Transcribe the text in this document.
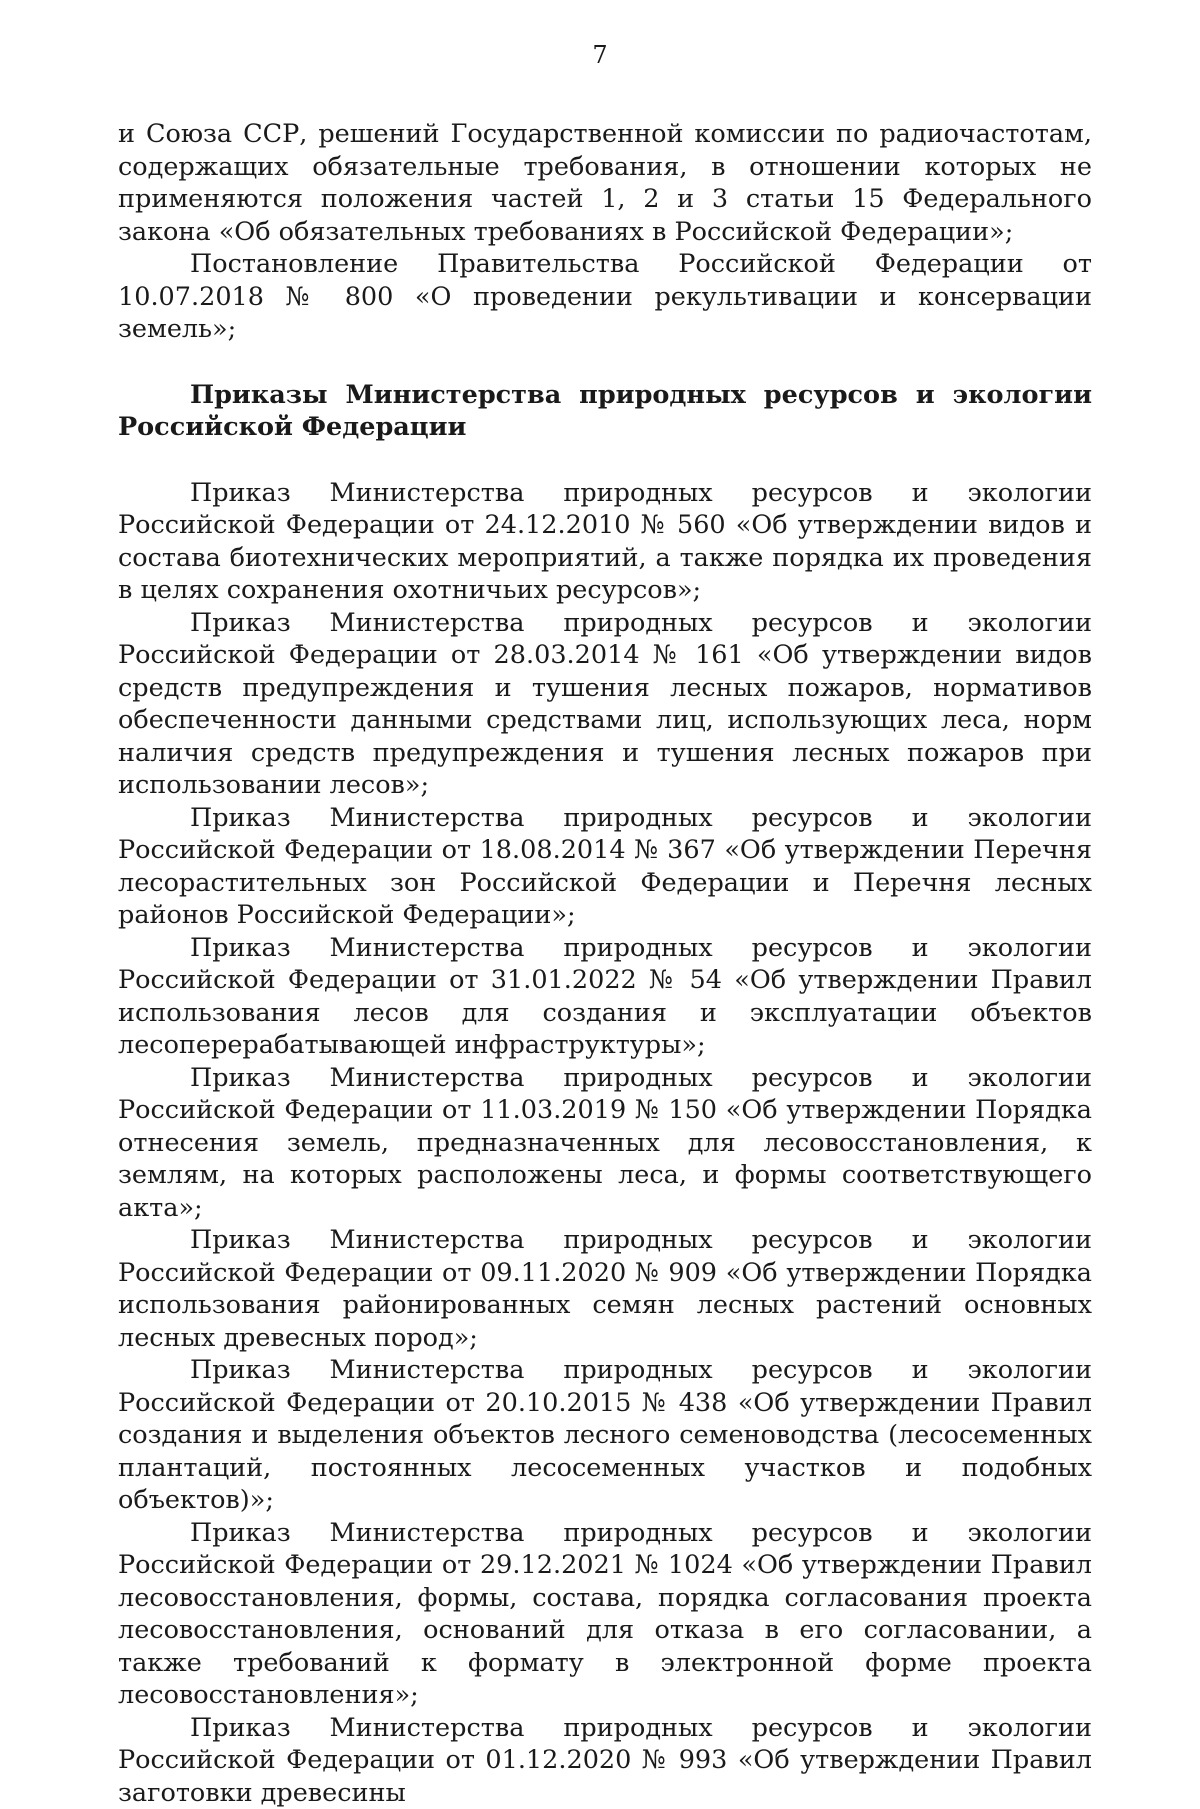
7

и Союза ССР, решений Государственной комиссии по радиочастотам, содержащих обязательные требования, в отношении которых не применяются положения частей 1, 2 и 3 статьи 15 Федерального закона «Об обязательных требованиях в Российской Федерации»;

Постановление Правительства Российской Федерации от 10.07.2018 № 800 «О проведении рекультивации и консервации земель»;

Приказы Министерства природных ресурсов и экологии Российской Федерации

Приказ Министерства природных ресурсов и экологии Российской Федерации от 24.12.2010 № 560 «Об утверждении видов и состава биотехнических мероприятий, а также порядка их проведения в целях сохранения охотничьих ресурсов»;

Приказ Министерства природных ресурсов и экологии Российской Федерации от 28.03.2014 № 161 «Об утверждении видов средств предупреждения и тушения лесных пожаров, нормативов обеспеченности данными средствами лиц, использующих леса, норм наличия средств предупреждения и тушения лесных пожаров при использовании лесов»;

Приказ Министерства природных ресурсов и экологии Российской Федерации от 18.08.2014 № 367 «Об утверждении Перечня лесорастительных зон Российской Федерации и Перечня лесных районов Российской Федерации»;

Приказ Министерства природных ресурсов и экологии Российской Федерации от 31.01.2022 № 54 «Об утверждении Правил использования лесов для создания и эксплуатации объектов лесоперерабатывающей инфраструктуры»;

Приказ Министерства природных ресурсов и экологии Российской Федерации от 11.03.2019 № 150 «Об утверждении Порядка отнесения земель, предназначенных для лесовосстановления, к землям, на которых расположены леса, и формы соответствующего акта»;

Приказ Министерства природных ресурсов и экологии Российской Федерации от 09.11.2020 № 909 «Об утверждении Порядка использования районированных семян лесных растений основных лесных древесных пород»;

Приказ Министерства природных ресурсов и экологии Российской Федерации от 20.10.2015 № 438 «Об утверждении Правил создания и выделения объектов лесного семеноводства (лесосеменных плантаций, постоянных лесосеменных участков и подобных объектов)»;

Приказ Министерства природных ресурсов и экологии Российской Федерации от 29.12.2021 № 1024 «Об утверждении Правил лесовосстановления, формы, состава, порядка согласования проекта лесовосстановления, оснований для отказа в его согласовании, а также требований к формату в электронной форме проекта лесовосстановления»;

Приказ Министерства природных ресурсов и экологии Российской Федерации от 01.12.2020 № 993 «Об утверждении Правил заготовки древесины
